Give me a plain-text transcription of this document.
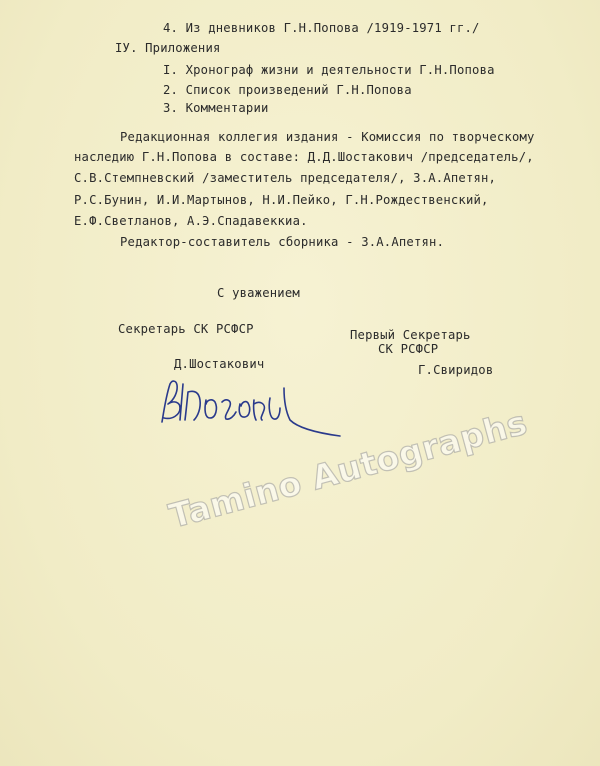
4. Из дневников Г.Н.Попова /1919-1971 гг./
IУ. Приложения
I. Хронограф жизни и деятельности Г.Н.Попова
2. Список произведений Г.Н.Попова
3. Комментарии
Редакционная коллегия издания - Комиссия по творческому
наследию Г.Н.Попова в составе: Д.Д.Шостакович /председатель/,
С.В.Стемпневский /заместитель председателя/, З.А.Апетян,
Р.С.Бунин, И.И.Мартынов, Н.И.Пейко, Г.Н.Рождественский,
Е.Ф.Светланов, А.Э.Спадавеккиа.
Редактор-составитель сборника - З.А.Апетян.
С уважением
Секретарь СК РСФСР	Первый Секретарь
СК РСФСР
Д.Шостакович	Г.Свиридов
Tamino Autographs
